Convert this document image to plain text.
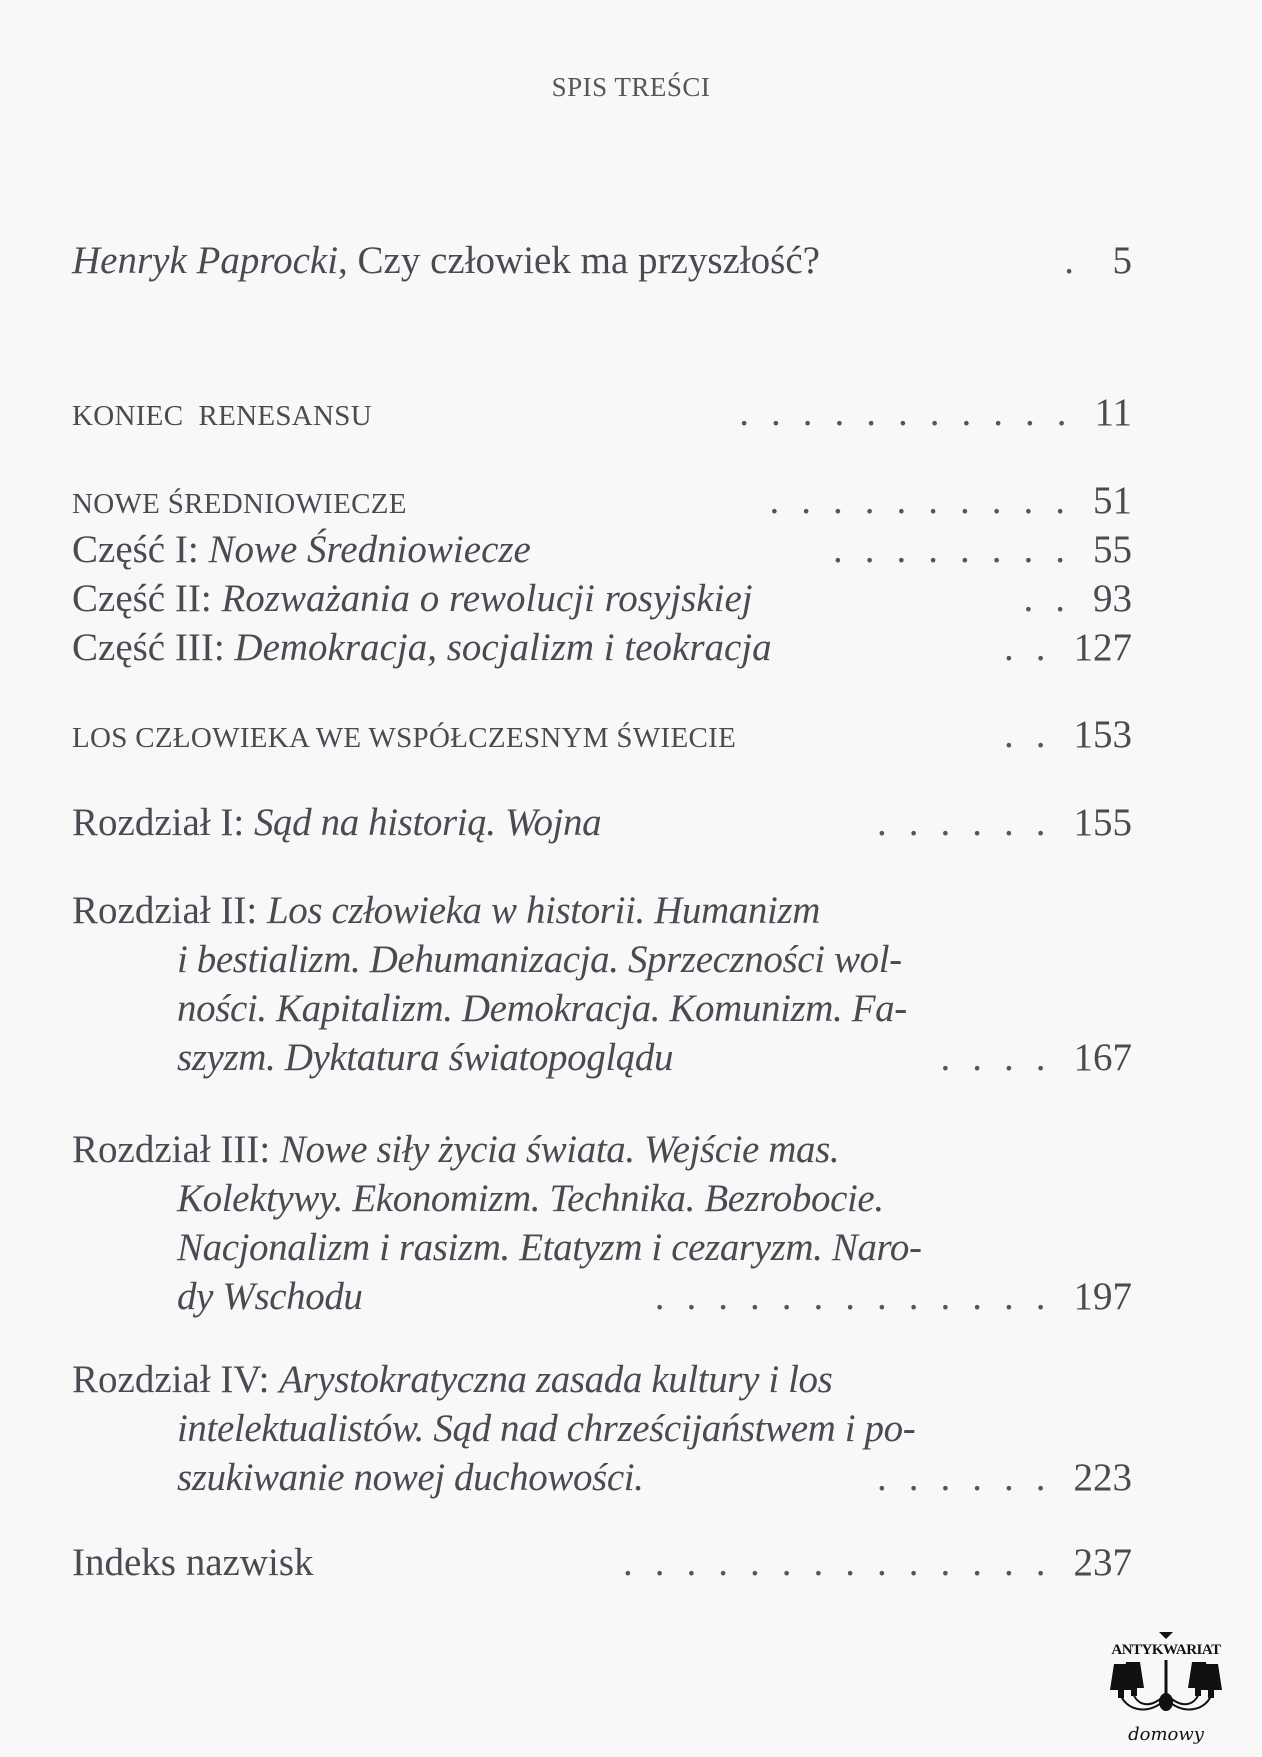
SPIS TREŚCI
Henryk Paprocki, Czy człowiek ma przyszłość?	. 5
KONIEC  RENESANSU	........... 11
NOWE ŚREDNIOWIECZE	.......... 51
Część I: Nowe Średniowiecze	........ 55
Część II: Rozważania o rewolucji rosyjskiej	.. 93
Część III: Demokracja, socjalizm i teokracja	.. 127
LOS CZŁOWIEKA WE WSPÓŁCZESNYM ŚWIECIE	.. 153
Rozdział I: Sąd na historią. Wojna	...... 155
Rozdział II: Los człowieka w historii. Humanizm
i bestializm. Dehumanizacja. Sprzeczności wol-
ności. Kapitalizm. Demokracja. Komunizm. Fa-
szyzm. Dyktatura światopoglądu	.... 167
Rozdział III: Nowe siły życia świata. Wejście mas.
Kolektywy. Ekonomizm. Technika. Bezrobocie.
Nacjonalizm i rasizm. Etatyzm i cezaryzm. Naro-
dy Wschodu	............. 197
Rozdział IV: Arystokratyczna zasada kultury i los
intelektualistów. Sąd nad chrześcijaństwem i po-
szukiwanie nowej duchowości.	...... 223
Indeks nazwisk	.............. 237
ANTYKWARIAT
domowy
